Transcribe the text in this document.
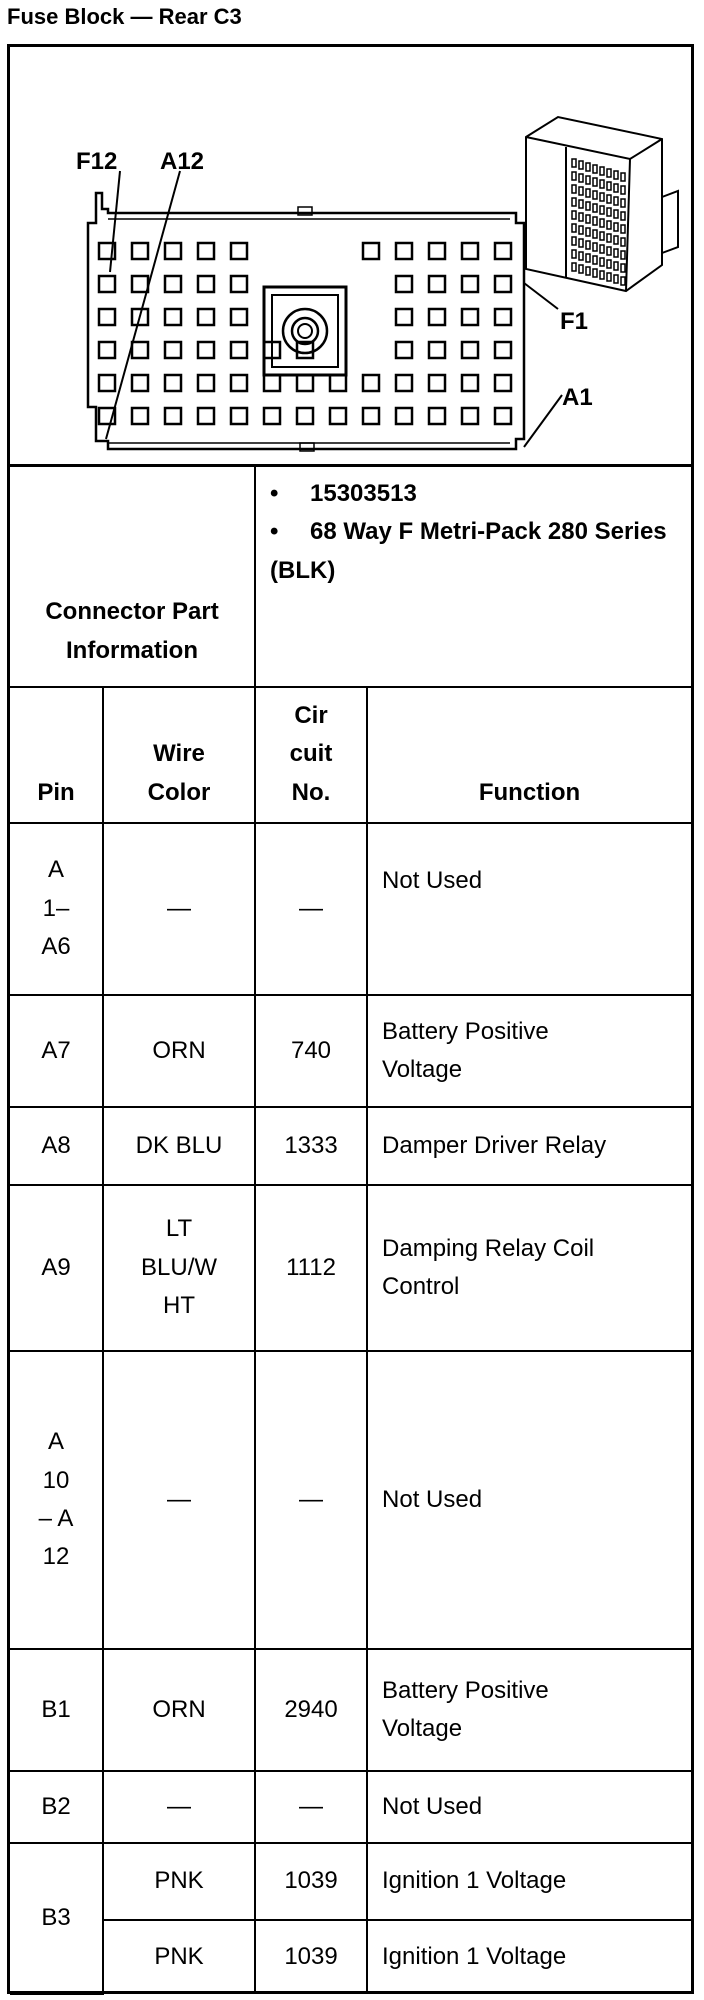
Fuse Block — Rear C3
F12 A12
F1
A1
Connector Part Information		• 15303513
• 68 Way F Metri-Pack 280 Series (BLK)

Pin	Wire Color	Cir cuit No.	Function

A 1–A6	—	—	Not Used
A7	ORN	740	Battery Positive Voltage

A8	DK BLU	1333	Damper Driver Relay
A9	LT BLU/W HT	1112	Damping Relay Coil Control

A 10 – A 12	—	—	Not Used
B1	ORN	2940	Battery Positive Voltage

B2	—	—	Not Used
B3	PNK	1039	Ignition 1 Voltage
	PNK	1039	Ignition 1 Voltage
